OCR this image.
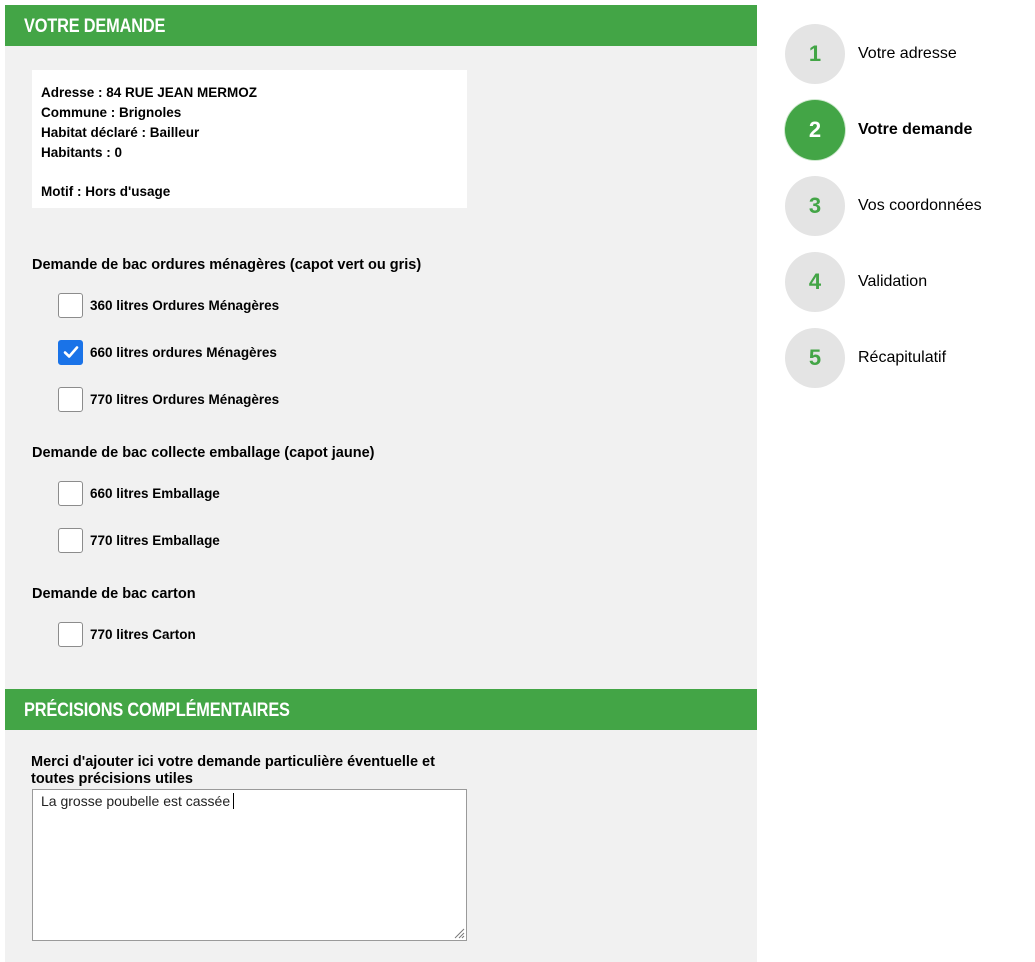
VOTRE DEMANDE
Adresse : 84 RUE JEAN MERMOZ
Commune : Brignoles
Habitat déclaré : Bailleur
Habitants : 0
Motif : Hors d'usage
Demande de bac ordures ménagères (capot vert ou gris)
360 litres Ordures Ménagères
660 litres ordures Ménagères
770 litres Ordures Ménagères
Demande de bac collecte emballage (capot jaune)
660 litres Emballage
770 litres Emballage
Demande de bac carton
770 litres Carton
PRÉCISIONS COMPLÉMENTAIRES
Merci d'ajouter ici votre demande particulière éventuelle et toutes précisions utiles
La grosse poubelle est cassée
1	Votre adresse
2	Votre demande
3	Vos coordonnées
4	Validation
5	Récapitulatif
